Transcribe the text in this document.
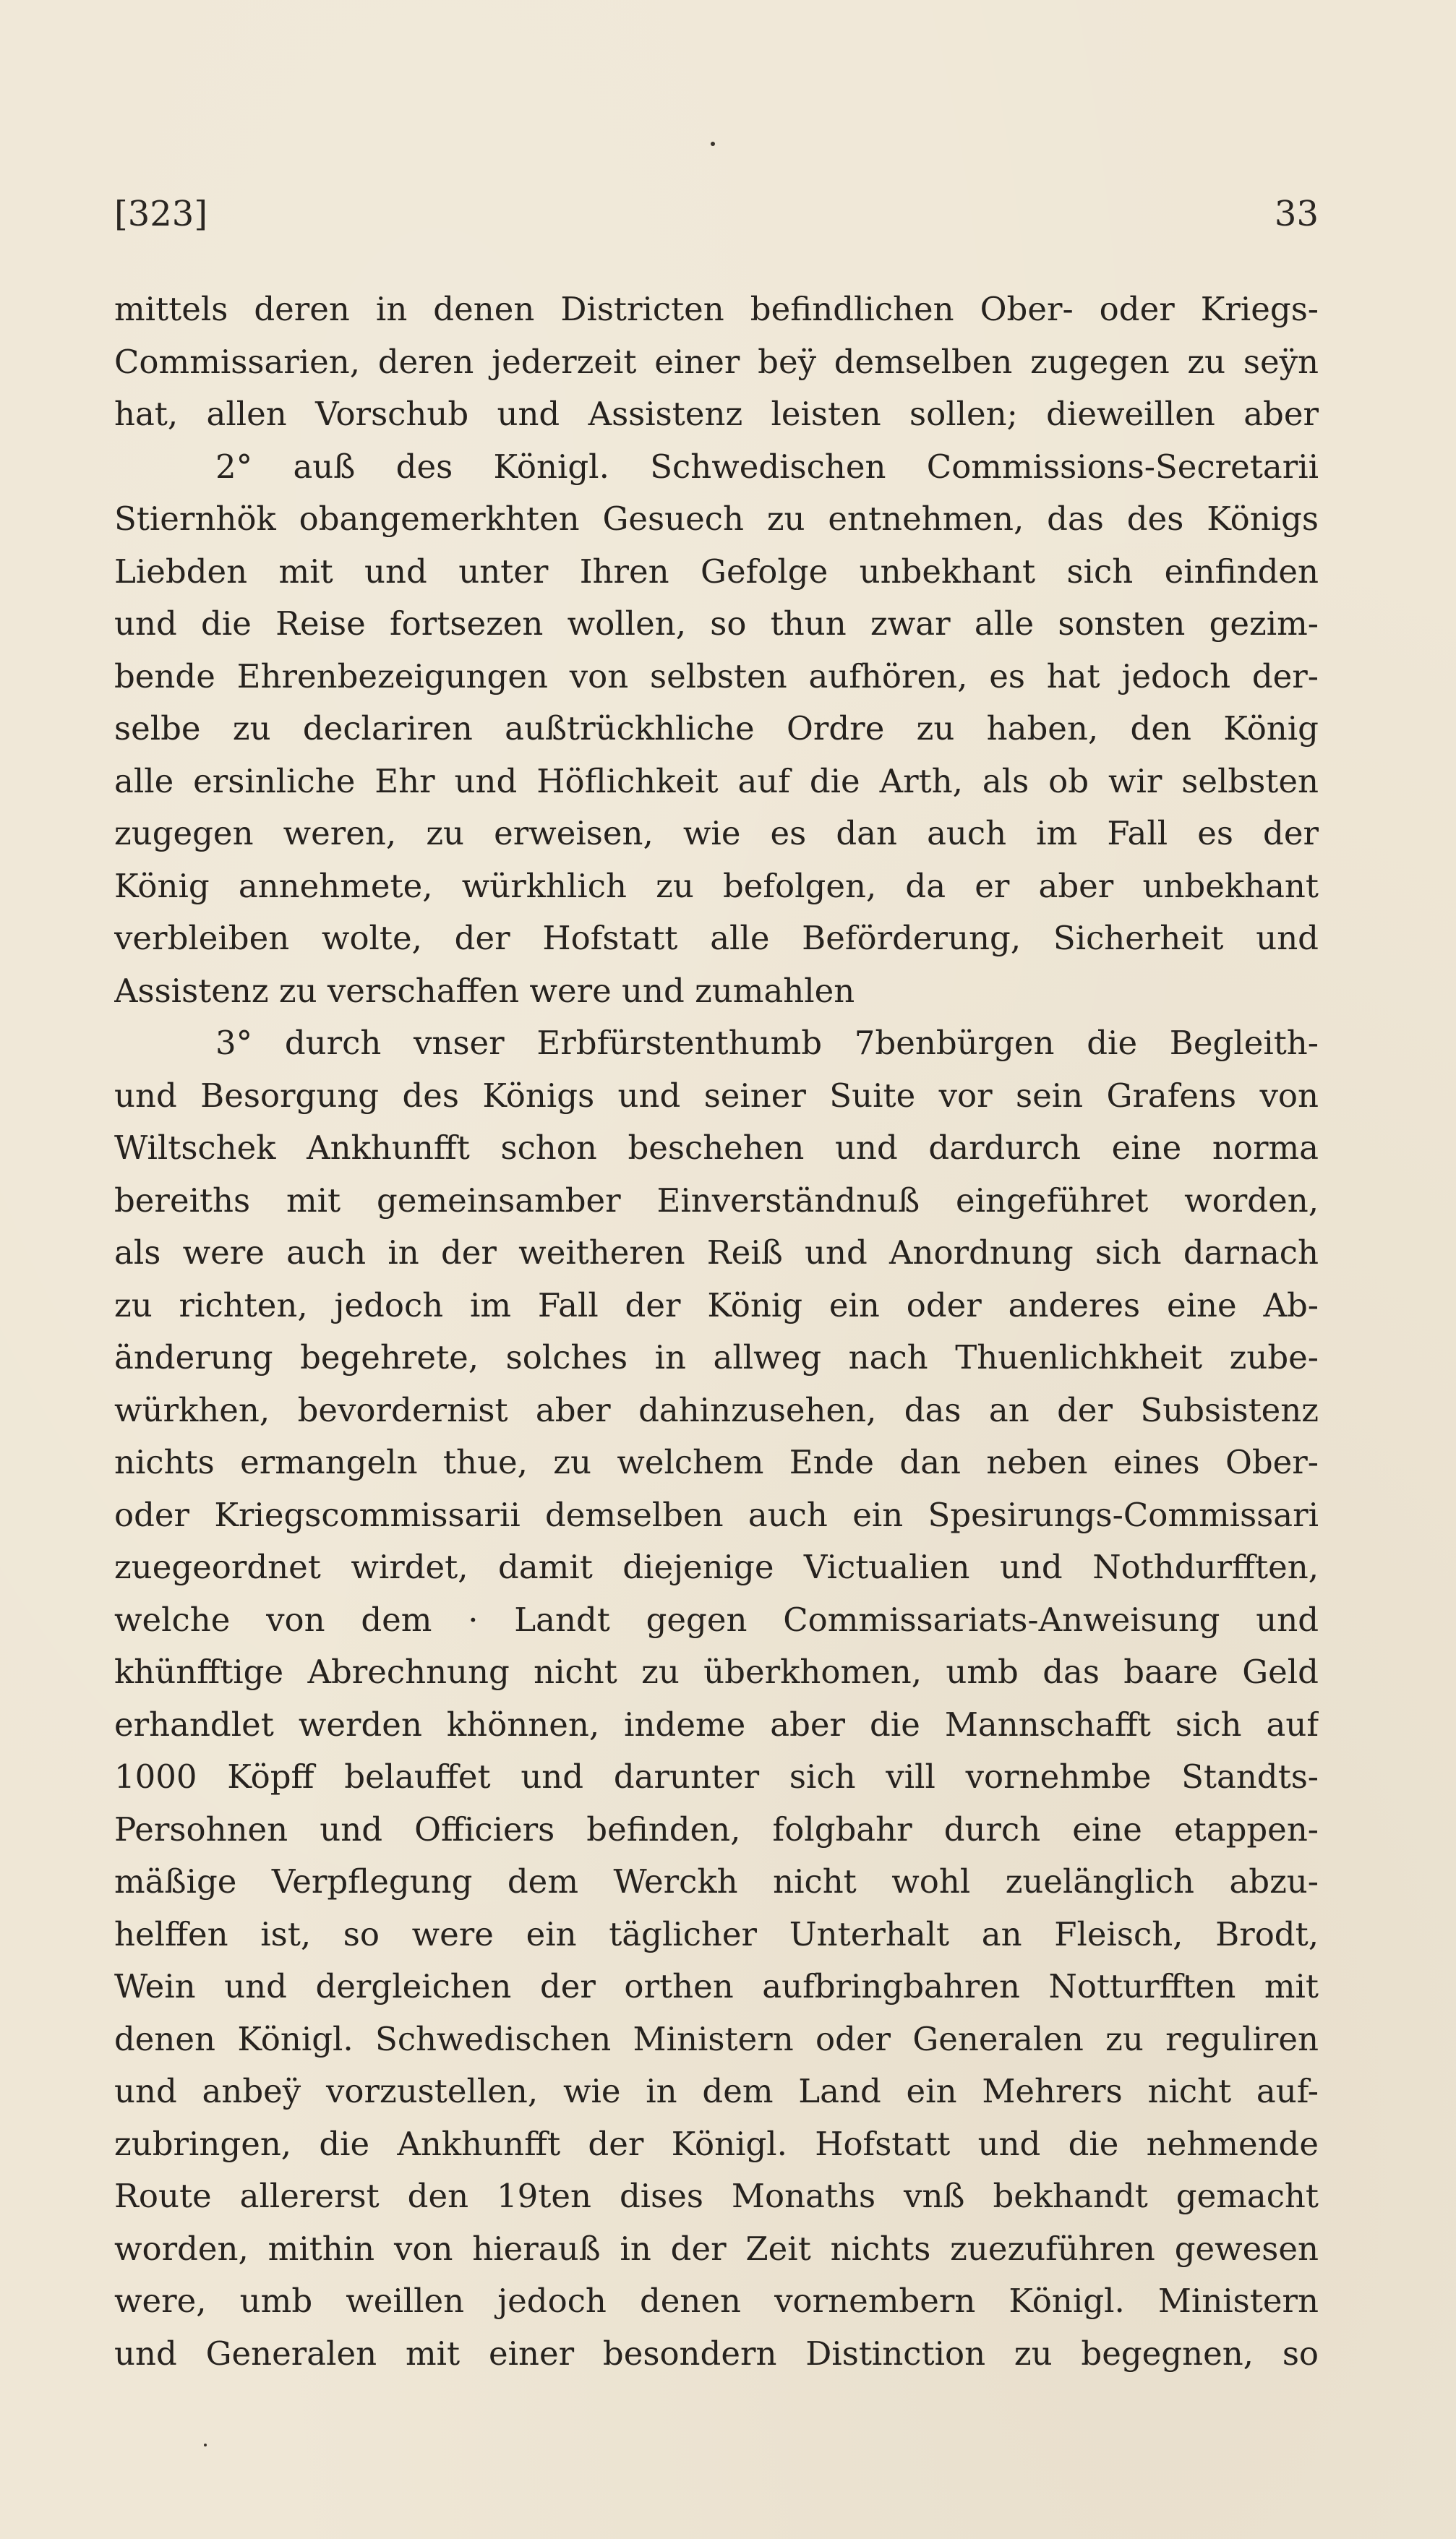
[323]	33
mittels deren in denen Districten befindlichen Ober- oder Kriegs-
Commissarien, deren jederzeit einer beÿ demselben zugegen zu seÿn
hat, allen Vorschub und Assistenz leisten sollen; dieweillen aber
2° auß des Königl. Schwedischen Commissions-Secretarii
Stiernhök obangemerkhten Gesuech zu entnehmen, das des Königs
Liebden mit und unter Ihren Gefolge unbekhant sich einfinden
und die Reise fortsezen wollen, so thun zwar alle sonsten gezim-
bende Ehrenbezeigungen von selbsten aufhören, es hat jedoch der-
selbe zu declariren außtrückhliche Ordre zu haben, den König
alle ersinliche Ehr und Höflichkeit auf die Arth, als ob wir selbsten
zugegen weren, zu erweisen, wie es dan auch im Fall es der
König annehmete, würkhlich zu befolgen, da er aber unbekhant
verbleiben wolte, der Hofstatt alle Beförderung, Sicherheit und
Assistenz zu verschaffen were und zumahlen
3° durch vnser Erbfürstenthumb 7benbürgen die Begleith-
und Besorgung des Königs und seiner Suite vor sein Grafens von
Wiltschek Ankhunfft schon beschehen und dardurch eine norma
bereiths mit gemeinsamber Einverständnuß eingeführet worden,
als were auch in der weitheren Reiß und Anordnung sich darnach
zu richten, jedoch im Fall der König ein oder anderes eine Ab-
änderung begehrete, solches in allweg nach Thuenlichkheit zube-
würkhen, bevordernist aber dahinzusehen, das an der Subsistenz
nichts ermangeln thue, zu welchem Ende dan neben eines Ober-
oder Kriegscommissarii demselben auch ein Spesirungs-Commissari
zuegeordnet wirdet, damit diejenige Victualien und Nothdurfften,
welche von dem · Landt gegen Commissariats-Anweisung und
khünfftige Abrechnung nicht zu überkhomen, umb das baare Geld
erhandlet werden khönnen, indeme aber die Mannschafft sich auf
1000 Köpff belauffet und darunter sich vill vornehmbe Standts-
Persohnen und Officiers befinden, folgbahr durch eine etappen-
mäßige Verpflegung dem Werckh nicht wohl zuelänglich abzu-
helffen ist, so were ein täglicher Unterhalt an Fleisch, Brodt,
Wein und dergleichen der orthen aufbringbahren Notturfften mit
denen Königl. Schwedischen Ministern oder Generalen zu reguliren
und anbeÿ vorzustellen, wie in dem Land ein Mehrers nicht auf-
zubringen, die Ankhunfft der Königl. Hofstatt und die nehmende
Route allererst den 19ten dises Monaths vnß bekhandt gemacht
worden, mithin von hierauß in der Zeit nichts zuezuführen gewesen
were, umb weillen jedoch denen vornembern Königl. Ministern
und Generalen mit einer besondern Distinction zu begegnen, so
